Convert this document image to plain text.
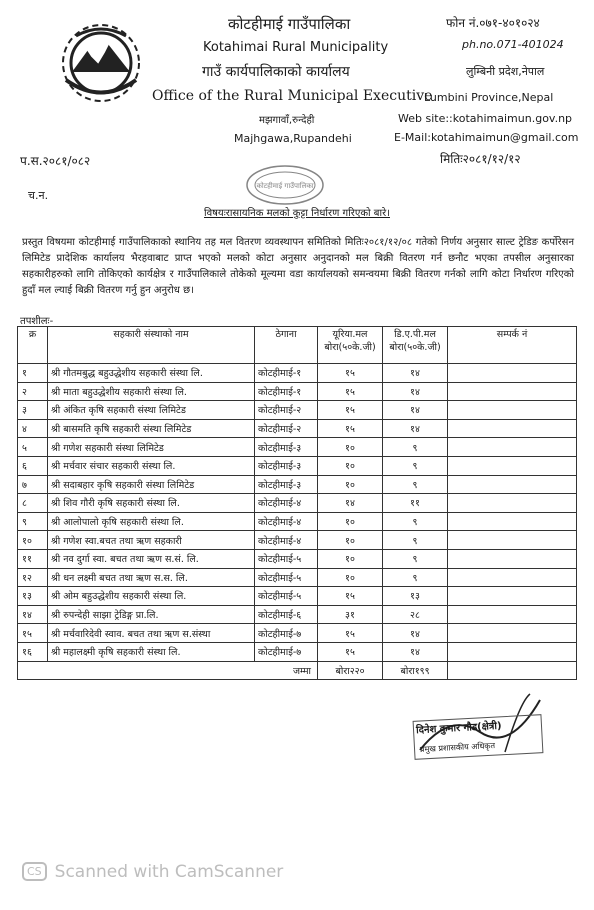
कोटहीमाई गाउँपालिका
Kotahimai Rural Municipality
गाउँ कार्यपालिकाको कार्यालय
Office of the Rural Municipal Executive
मझगावाँ,रुन्देही
Majhgawa,Rupandehi
फोन नं.०७१-४०१०२४
ph.no.071-401024
लुम्बिनी प्रदेश,नेपाल
Lumbini Province,Nepal
Web site::kotahimaimun.gov.np
E-Mail:kotahimaimun@gmail.com
मितिः२०८१/१२/१२
प.स.२०८१/०८२
च.न.
कोटहीमाई गाउँपालिका
विषयःरासायनिक मलको कुट्टा निर्धारण गरिएको बारे।
प्रस्तुत विषयमा कोटहीमाई गाउँपालिकाको स्थानिय तह मल वितरण व्यवस्थापन समितिको मितिः२०८१/१२/०८ गतेको निर्णय अनुसार साल्ट ट्रेडिङ कर्पोरेसन लिमिटेड प्रादेशिक कार्यालय भैरहवाबाट प्राप्त भएको मलको कोटा अनुसार अनुदानको मल बिक्री वितरण गर्न छनौट भएका तपसील अनुसारका सहकारीहरुको लागि तोकिएको कार्यक्षेत्र र गाउँपालिकाले तोकेको मूल्यमा वडा कार्यालयको समन्वयमा बिक्री वितरण गर्नको लागि कोटा निर्धारण गरिएको हुदाँ मल ल्याई बिक्री वितरण गर्नु हुन अनुरोध छ।
तपशीलः-
क्र	सहकारी संस्थाको नाम	ठेगाना	यूरिया.मल बोरा(५०के.जी)	डि.ए.पी.मल बोरा(५०के.जी)	सम्पर्क नं
१	श्री गौतमबुद्ध बहुउद्धेशीय सहकारी संस्था लि.	कोटहीमाई-१	१५	१४	
२	श्री माता बहुउद्धेशीय सहकारी संस्था लि.	कोटहीमाई-१	१५	१४	
३	श्री अंकित कृषि सहकारी संस्था लिमिटेड	कोटहीमाई-२	१५	१४	
४	श्री बासमति कृषि सहकारी संस्था लिमिटेड	कोटहीमाई-२	१५	१४	
५	श्री गणेश सहकारी संस्था लिमिटेड	कोटहीमाई-३	१०	९	
६	श्री मर्चवार संचार सहकारी संस्था लि.	कोटहीमाई-३	१०	९	
७	श्री सदाबहार कृषि सहकारी संस्था लिमिटेड	कोटहीमाई-३	१०	९	
८	श्री शिव गौरी कृषि सहकारी संस्था लि.	कोटहीमाई-४	१४	११	
९	श्री आलोपालो कृषि सहकारी संस्था लि.	कोटहीमाई-४	१०	९	
१०	श्री गणेश स्वा.बचत तथा ऋण सहकारी	कोटहीमाई-४	१०	९	
११	श्री नव दुर्गा स्वा. बचत तथा ऋण स.सं. लि.	कोटहीमाई-५	१०	९	
१२	श्री धन लक्ष्मी बचत तथा ऋण स.स. लि.	कोटहीमाई-५	१०	९	
१३	श्री ओम बहुउद्धेशीय सहकारी संस्था लि.	कोटहीमाई-५	१५	१३	
१४	श्री रुपन्देही साझा ट्रेडिङ्ग प्रा.लि.	कोटहीमाई-६	३१	२८	
१५	श्री मर्चवारिदेवी स्वाव. बचत तथा ऋण स.संस्था	कोटहीमाई-७	१५	१४	
१६	श्री महालक्ष्मी कृषि सहकारी संस्था लि.	कोटहीमाई-७	१५	१४	
जम्मा			बोरा२२०	बोरा१९९	
दिनेश कुमार गौड(क्षेत्री)
प्रमुख प्रशासकीय अधिकृत
CS Scanned with CamScanner
